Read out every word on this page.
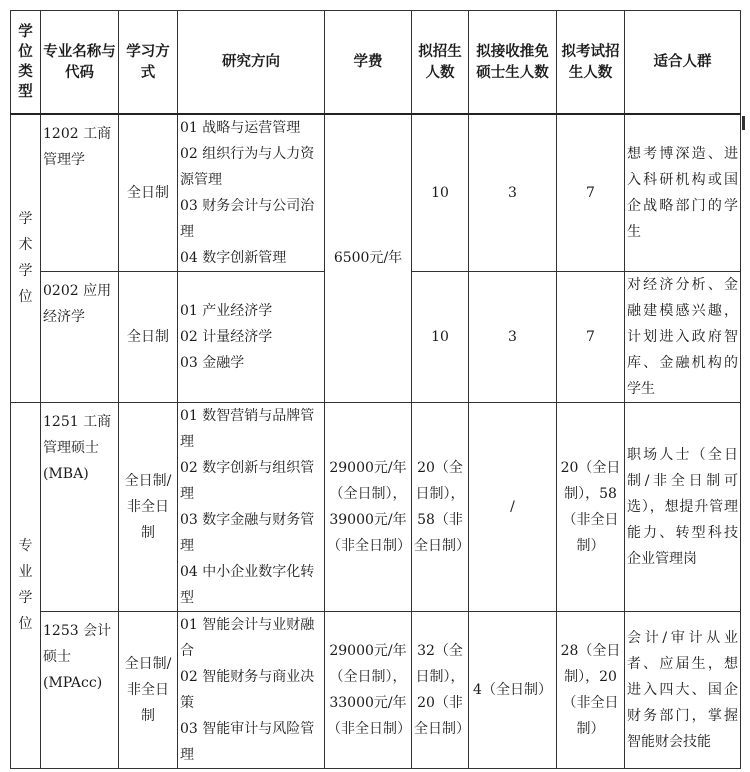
学位类型	专业名称与代码	学习方式	研究方向	学费	拟招生人数	拟接收推免硕士生人数	拟考试招生人数	适合人群
学术学位	1202 工商管理学	全日制	01 战略与运营管理
02 组织行为与人力资源管理
03 财务会计与公司治理
04 数字创新管理	6500元/年	10	3	7	想考博深造、进入科研机构或国企战略部门的学生
	0202 应用经济学	全日制	01 产业经济学
02 计量经济学
03 金融学		10	3	7	对经济分析、金融建模感兴趣，计划进入政府智库、金融机构的学生
专业学位	1251 工商管理硕士(MBA)	全日制/非全日制	01 数智营销与品牌管理
02 数字创新与组织管理
03 数字金融与财务管理
04 中小企业数字化转型	29000元/年（全日制），39000元/年（非全日制）	20（全日制），58（非全日制）	/	20（全日制），58（非全日制）	职场人士（全日制/非全日制可选），想提升管理能力、转型科技企业管理岗
	1253 会计硕士(MPAcc)	全日制/非全日制	01 智能会计与业财融合
02 智能财务与商业决策
03 智能审计与风险管理	29000元/年（全日制），33000元/年（非全日制）	32（全日制），20（非全日制）	4（全日制）	28（全日制），20（非全日制）	会计/审计从业者、应届生，想进入四大、国企财务部门，掌握智能财会技能
